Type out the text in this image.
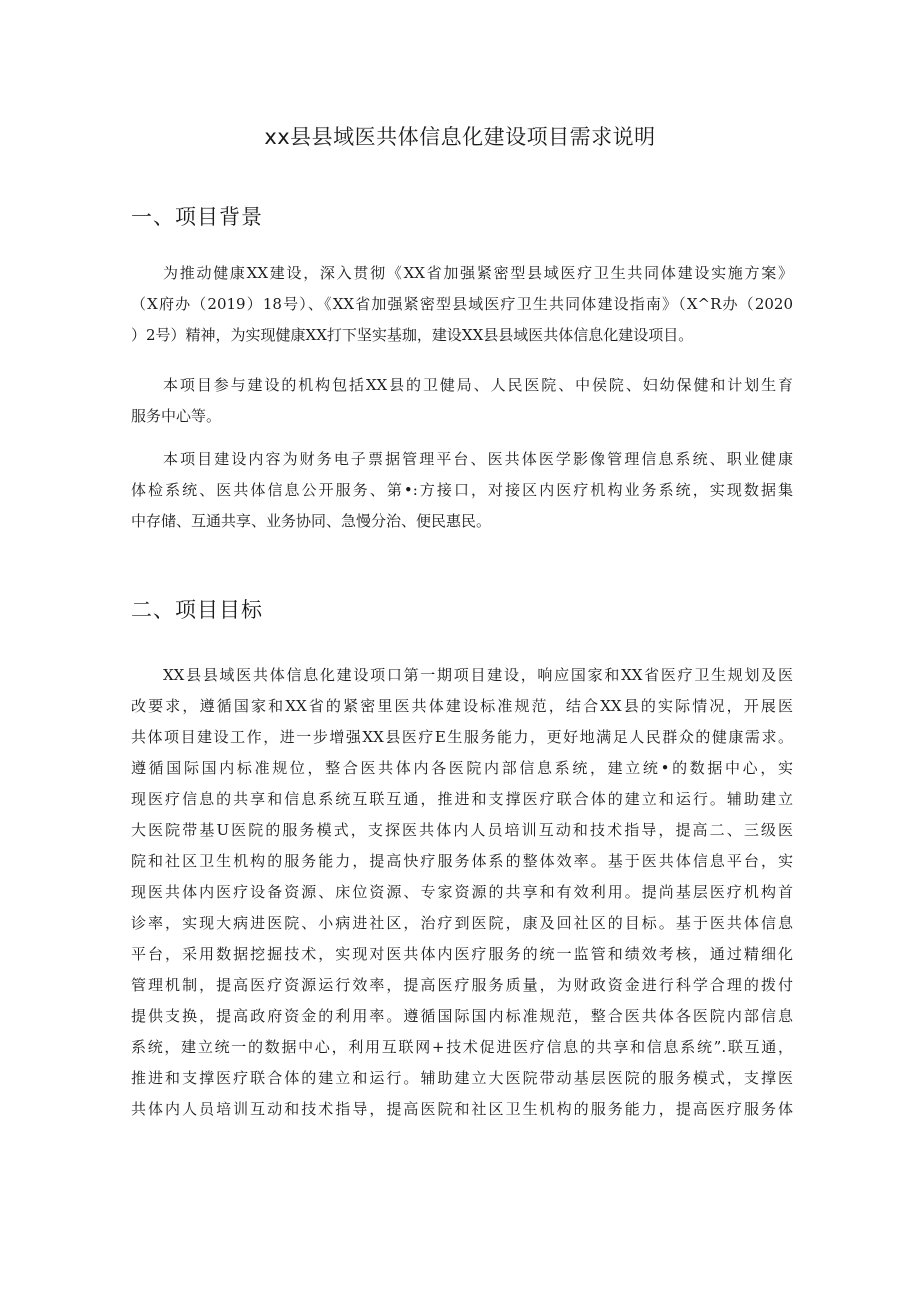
xx县县域医共体信息化建设项目需求说明
一、项目背景

为推动健康XX建设，深入贯彻《XX省加强紧密型县域医疗卫生共同体建设实施方案》
（X府办（2019）18号）、《XX省加强紧密型县域医疗卫生共同体建设指南》（X^R办（2020
）2号）精神，为实现健康XX打下坚实基珈，建设XX县县域医共体信息化建设项目。

本项目参与建设的机构包括XX县的卫健局、人民医院、中侯院、妇幼保健和计划生育
服务中心等。

本项目建设内容为财务电子票据管理平台、医共体医学影像管理信息系统、职业健康
体检系统、医共体信息公开服务、第•:方接口，对接区内医疗机构业务系统，实现数据集
中存储、互通共享、业务协同、急慢分治、便民惠民。

二、项目目标

XX县县域医共体信息化建设项口第一期项目建设，响应国家和XX省医疗卫生规划及医
改要求，遵循国家和XX省的紧密里医共体建设标准规范，结合XX县的实际情况，开展医
共体项目建设工作，进一步增强XX县医疗E生服务能力，更好地满足人民群众的健康需求。
遵循国际国内标准规位，整合医共体内各医院内部信息系统，建立统•的数据中心，实
现医疗信息的共享和信息系统互联互通，推进和支撑医疗联合体的建立和运行。辅助建立
大医院带基U医院的服务模式，支探医共体内人员培训互动和技术指导，提高二、三级医
院和社区卫生机构的服务能力，提高快疗服务体系的整体效率。基于医共体信息平台，实
现医共体内医疗设备资源、床位资源、专家资源的共享和有效利用。提尚基层医疗机构首
诊率，实现大病进医院、小病进社区，治疗到医院，康及回社区的目标。基于医共体信息
平台，采用数据挖掘技术，实现对医共体内医疗服务的统一监管和绩效考核，通过精细化
管理机制，提高医疗资源运行效率，提高医疗服务质量，为财政资金进行科学合理的拨付
提供支换，提高政府资金的利用率。遵循国际国内标准规范，整合医共体各医院内部信息
系统，建立统一的数据中心，利用互联网+技术促进医疗信息的共享和信息系统”.联互通，
推进和支撑医疗联合体的建立和运行。辅助建立大医院带动基层医院的服务模式，支撑医
共体内人员培训互动和技术指导，提高医院和社区卫生机构的服务能力，提高医疗服务体
